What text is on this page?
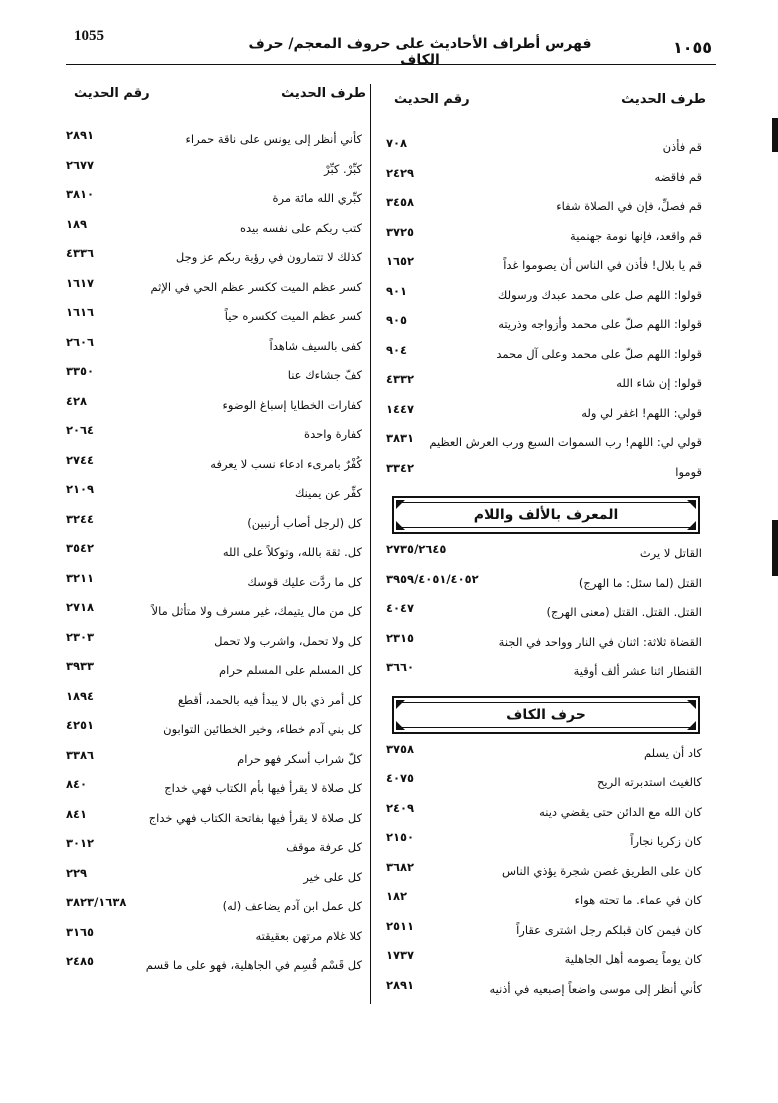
1055	فهرس أطراف الأحاديث على حروف المعجم/ حرف الكاف
١٠٥٥
طرف الحديث
رقم الحديث
قم فأذن
٧٠٨
قم فاقضه
٢٤٢٩
قم فصلِّ، فإن في الصلاة شفاء
٣٤٥٨
قم واقعد، فإنها نومة جهنمية
٣٧٢٥
قم يا بلال! فأذن في الناس أن يصوموا غداً
١٦٥٢
قولوا: اللهم صل على محمد عبدك ورسولك
٩٠١
قولوا: اللهم صلّ على محمد وأزواجه وذريته
٩٠٥
قولوا: اللهم صلّ على محمد وعلى آل محمد
٩٠٤
قولوا: إن شاء الله
٤٣٣٢
قولي: اللهم! اغفر لي وله
١٤٤٧
قولي لي: اللهم! رب السموات السبع ورب العرش العظيم
٣٨٣١
قوموا
٣٣٤٢
المعرف بالألف واللام
القاتل لا يرث
٢٧٣٥/٢٦٤٥
القتل (لما سئل: ما الهرج)
٣٩٥٩/٤٠٥١/٤٠٥٢
القتل. القتل. القتل (معنى الهرج)
٤٠٤٧
القضاة ثلاثة: اثنان في النار وواحد في الجنة
٢٣١٥
القنطار اثنا عشر ألف أوقية
٣٦٦٠
حرف الكاف
كاد أن يسلم
٣٧٥٨
كالغيث استدبرته الريح
٤٠٧٥
كان الله مع الدائن حتى يقضي دينه
٢٤٠٩
كان زكريا نجاراً
٢١٥٠
كان على الطريق غصن شجرة يؤذي الناس
٣٦٨٢
كان في عماء. ما تحته هواء
١٨٢
كان فيمن كان قبلكم رجل اشترى عقاراً
٢٥١١
كان يوماً يصومه أهل الجاهلية
١٧٣٧
كأني أنظر إلى موسى واضعاً إصبعيه في أذنيه
٢٨٩١
طرف الحديث
رقم الحديث
كأني أنظر إلى يونس على ناقة حمراء
٢٨٩١
كبِّرْ. كبِّرْ
٢٦٧٧
كبِّري الله مائة مرة
٣٨١٠
كتب ربكم على نفسه بيده
١٨٩
كذلك لا تتمارون في رؤية ربكم عز وجل
٤٣٣٦
كسر عظم الميت ككسر عظم الحي في الإثم
١٦١٧
كسر عظم الميت ككسره حياً
١٦١٦
كفى بالسيف شاهداً
٢٦٠٦
كفّ جشاءك عنا
٣٣٥٠
كفارات الخطايا إسباغ الوضوء
٤٢٨
كفارة واحدة
٢٠٦٤
كُفْرٌ بامرىء ادعاء نسب لا يعرفه
٢٧٤٤
كفِّر عن يمينك
٢١٠٩
كل (لرجل أصاب أرنبين)
٣٢٤٤
كل. ثقة بالله، وتوكلاً على الله
٣٥٤٢
كل ما ردَّت عليك قوسك
٣٢١١
كل من مال يتيمك، غير مسرف ولا متأثل مالاً
٢٧١٨
كل ولا تحمل، واشرب ولا تحمل
٢٣٠٣
كل المسلم على المسلم حرام
٣٩٣٣
كل أمر ذي بال لا يبدأ فيه بالحمد، أقطع
١٨٩٤
كل بني آدم خطاء، وخير الخطائين التوابون
٤٢٥١
كلّ شراب أسكر فهو حرام
٣٣٨٦
كل صلاة لا يقرأ فيها بأم الكتاب فهي خداج
٨٤٠
كل صلاة لا يقرأ فيها بفاتحة الكتاب فهي خداج
٨٤١
كل عرفة موقف
٣٠١٢
كل على خير
٢٢٩
كل عمل ابن آدم يضاعف (له)
٣٨٢٣/١٦٣٨
كلا غلام مرتهن بعقيقته
٣١٦٥
كل قَسْم قُسِم في الجاهلية، فهو على ما قسم
٢٤٨٥
